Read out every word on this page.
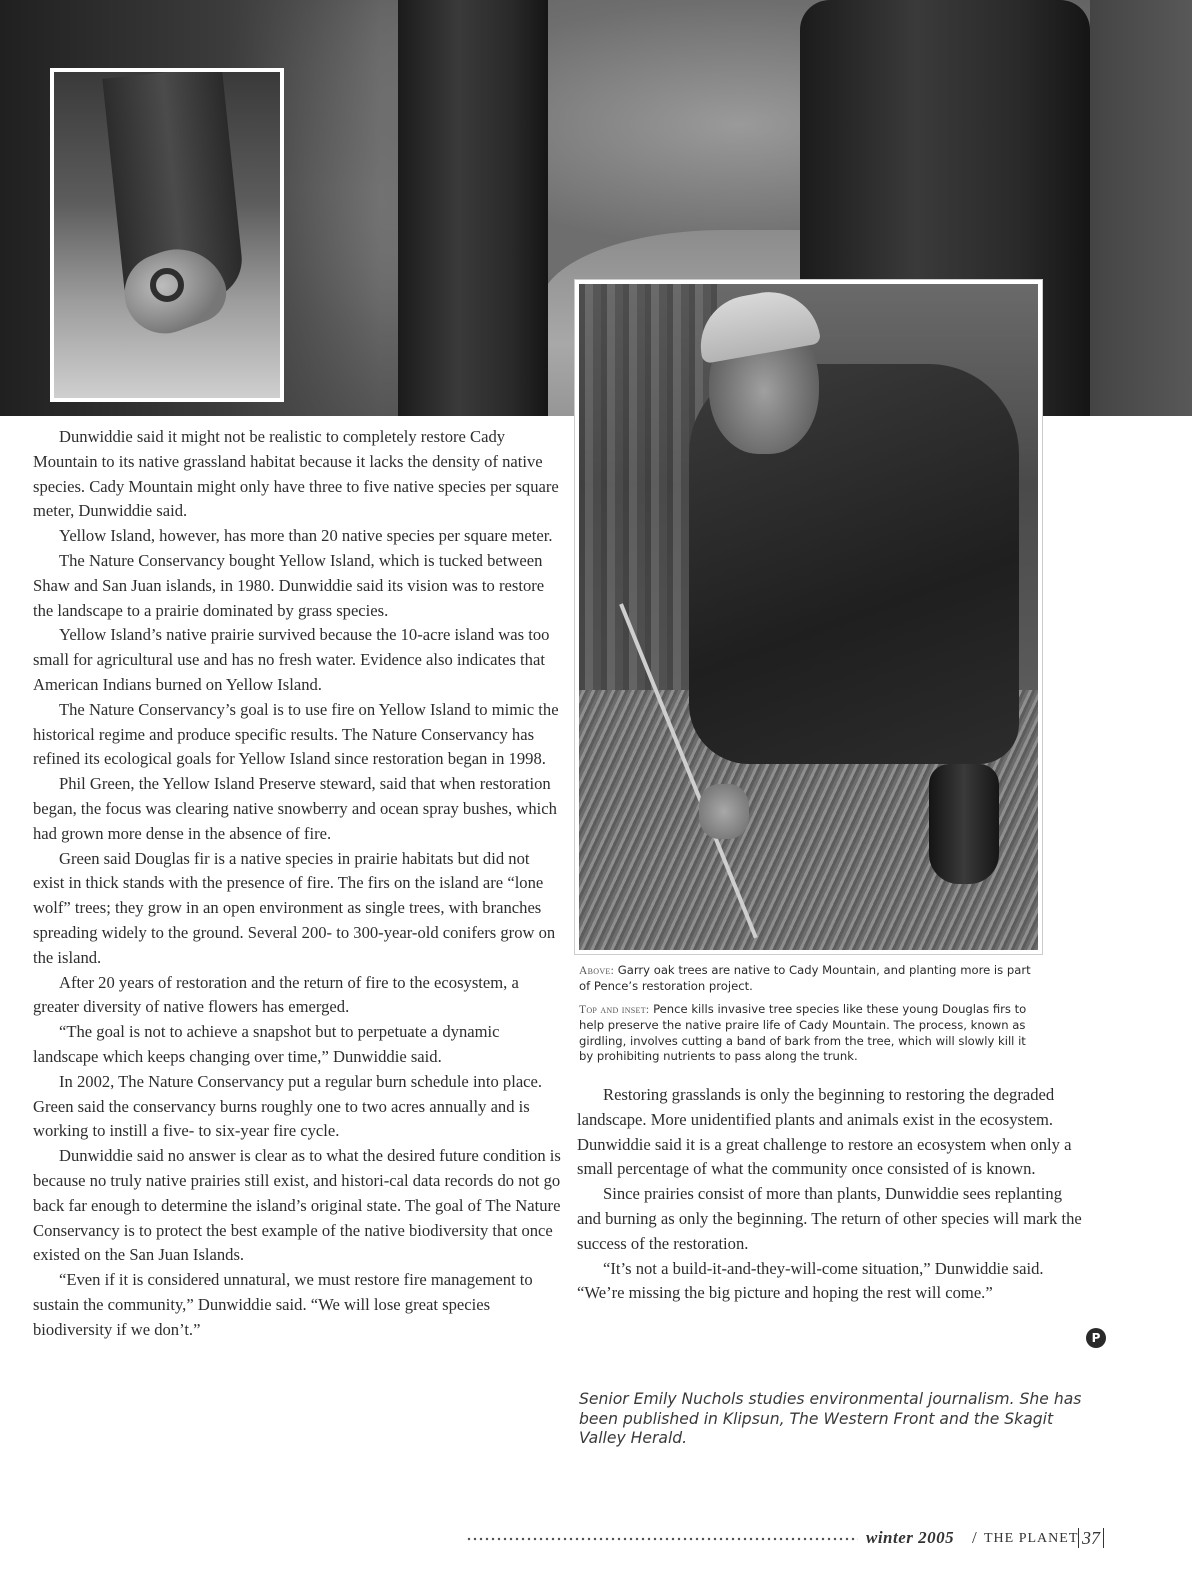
Dunwiddie said it might not be realistic to completely restore Cady Mountain to its native grassland habitat because it lacks the density of native species. Cady Mountain might only have three to five native species per square meter, Dunwiddie said.

Yellow Island, however, has more than 20 native species per square meter.

The Nature Conservancy bought Yellow Island, which is tucked between Shaw and San Juan islands, in 1980. Dunwiddie said its vision was to restore the landscape to a prairie dominated by grass species.

Yellow Island’s native prairie survived because the 10-acre island was too small for agricultural use and has no fresh water. Evidence also indicates that American Indians burned on Yellow Island.

The Nature Conservancy’s goal is to use fire on Yellow Island to mimic the historical regime and produce specific results. The Nature Conservancy has refined its ecological goals for Yellow Island since restoration began in 1998.

Phil Green, the Yellow Island Preserve steward, said that when restoration began, the focus was clearing native snowberry and ocean spray bushes, which had grown more dense in the absence of fire.

Green said Douglas fir is a native species in prairie habitats but did not exist in thick stands with the presence of fire. The firs on the island are “lone wolf” trees; they grow in an open environment as single trees, with branches spreading widely to the ground. Several 200- to 300-year-old conifers grow on the island.

After 20 years of restoration and the return of fire to the ecosystem, a greater diversity of native flowers has emerged.

“The goal is not to achieve a snapshot but to perpetuate a dynamic landscape which keeps changing over time,” Dunwiddie said.

In 2002, The Nature Conservancy put a regular burn schedule into place. Green said the conservancy burns roughly one to two acres annually and is working to instill a five- to six-year fire cycle.

Dunwiddie said no answer is clear as to what the desired future condition is because no truly native prairies still exist, and histori-cal data records do not go back far enough to determine the island’s original state. The goal of The Nature Conservancy is to protect the best example of the native biodiversity that once existed on the San Juan Islands.

“Even if it is considered unnatural, we must restore fire management to sustain the community,” Dunwiddie said. “We will lose great species biodiversity if we don’t.”

Above: Garry oak trees are native to Cady Mountain, and planting more is part of Pence’s restoration project.
Top and inset: Pence kills invasive tree species like these young Douglas firs to help preserve the native praire life of Cady Mountain. The process, known as girdling, involves cutting a band of bark from the tree, which will slowly kill it by prohibiting nutrients to pass along the trunk.

Restoring grasslands is only the beginning to restoring the degraded landscape. More unidentified plants and animals exist in the ecosystem. Dunwiddie said it is a great challenge to restore an ecosystem when only a small percentage of what the community once consisted of is known.

Since prairies consist of more than plants, Dunwiddie sees replanting and burning as only the beginning. The return of other species will mark the success of the restoration.

“It’s not a build-it-and-they-will-come situation,” Dunwiddie said. “We’re missing the big picture and hoping the rest will come.”

P
Senior Emily Nuchols studies environmental journalism. She has been published in Klipsun, The Western Front and the Skagit Valley Herald.
winter 2005 / THE PLANET 37
